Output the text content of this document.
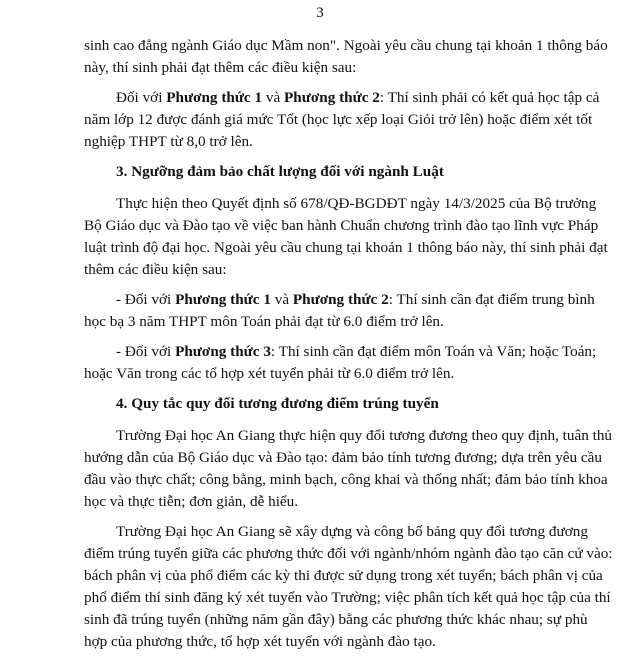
3
sinh cao đẳng ngành Giáo dục Mầm non". Ngoài yêu cầu chung tại khoản 1 thông báo
này, thí sinh phải đạt thêm các điều kiện sau:
Đối với Phương thức 1 và Phương thức 2: Thí sinh phải có kết quả học tập cả
năm lớp 12 được đánh giá mức Tốt (học lực xếp loại Giỏi trở lên) hoặc điểm xét tốt
nghiệp THPT từ 8,0 trở lên.
3. Ngưỡng đảm bảo chất lượng đối với ngành Luật
Thực hiện theo Quyết định số 678/QĐ-BGDĐT ngày 14/3/2025 của Bộ trưởng
Bộ Giáo dục và Đào tạo về việc ban hành Chuẩn chương trình đào tạo lĩnh vực Pháp
luật trình độ đại học. Ngoài yêu cầu chung tại khoản 1 thông báo này, thí sinh phải đạt
thêm các điều kiện sau:
- Đối với Phương thức 1 và Phương thức 2: Thí sinh cần đạt điểm trung bình
học bạ 3 năm THPT môn Toán phải đạt từ 6.0 điểm trở lên.
- Đối với Phương thức 3: Thí sinh cần đạt điểm môn Toán và Văn; hoặc Toán;
hoặc Văn trong các tổ hợp xét tuyển phải từ 6.0 điểm trở lên.
4. Quy tắc quy đổi tương đương điểm trúng tuyển
Trường Đại học An Giang thực hiện quy đổi tương đương theo quy định, tuân thủ
hướng dẫn của Bộ Giáo dục và Đào tạo: đảm bảo tính tương đương; dựa trên yêu cầu
đầu vào thực chất; công bằng, minh bạch, công khai và thống nhất; đảm bảo tính khoa
học và thực tiễn; đơn giản, dễ hiểu.
Trường Đại học An Giang sẽ xây dựng và công bố bảng quy đổi tương đương
điểm trúng tuyển giữa các phương thức đối với ngành/nhóm ngành đào tạo căn cứ vào:
bách phân vị của phổ điểm các kỳ thi được sử dụng trong xét tuyển; bách phân vị của
phổ điểm thí sinh đăng ký xét tuyển vào Trường; việc phân tích kết quả học tập của thí
sinh đã trúng tuyển (những năm gần đây) bằng các phương thức khác nhau; sự phù
hợp của phương thức, tổ hợp xét tuyển với ngành đào tạo.
